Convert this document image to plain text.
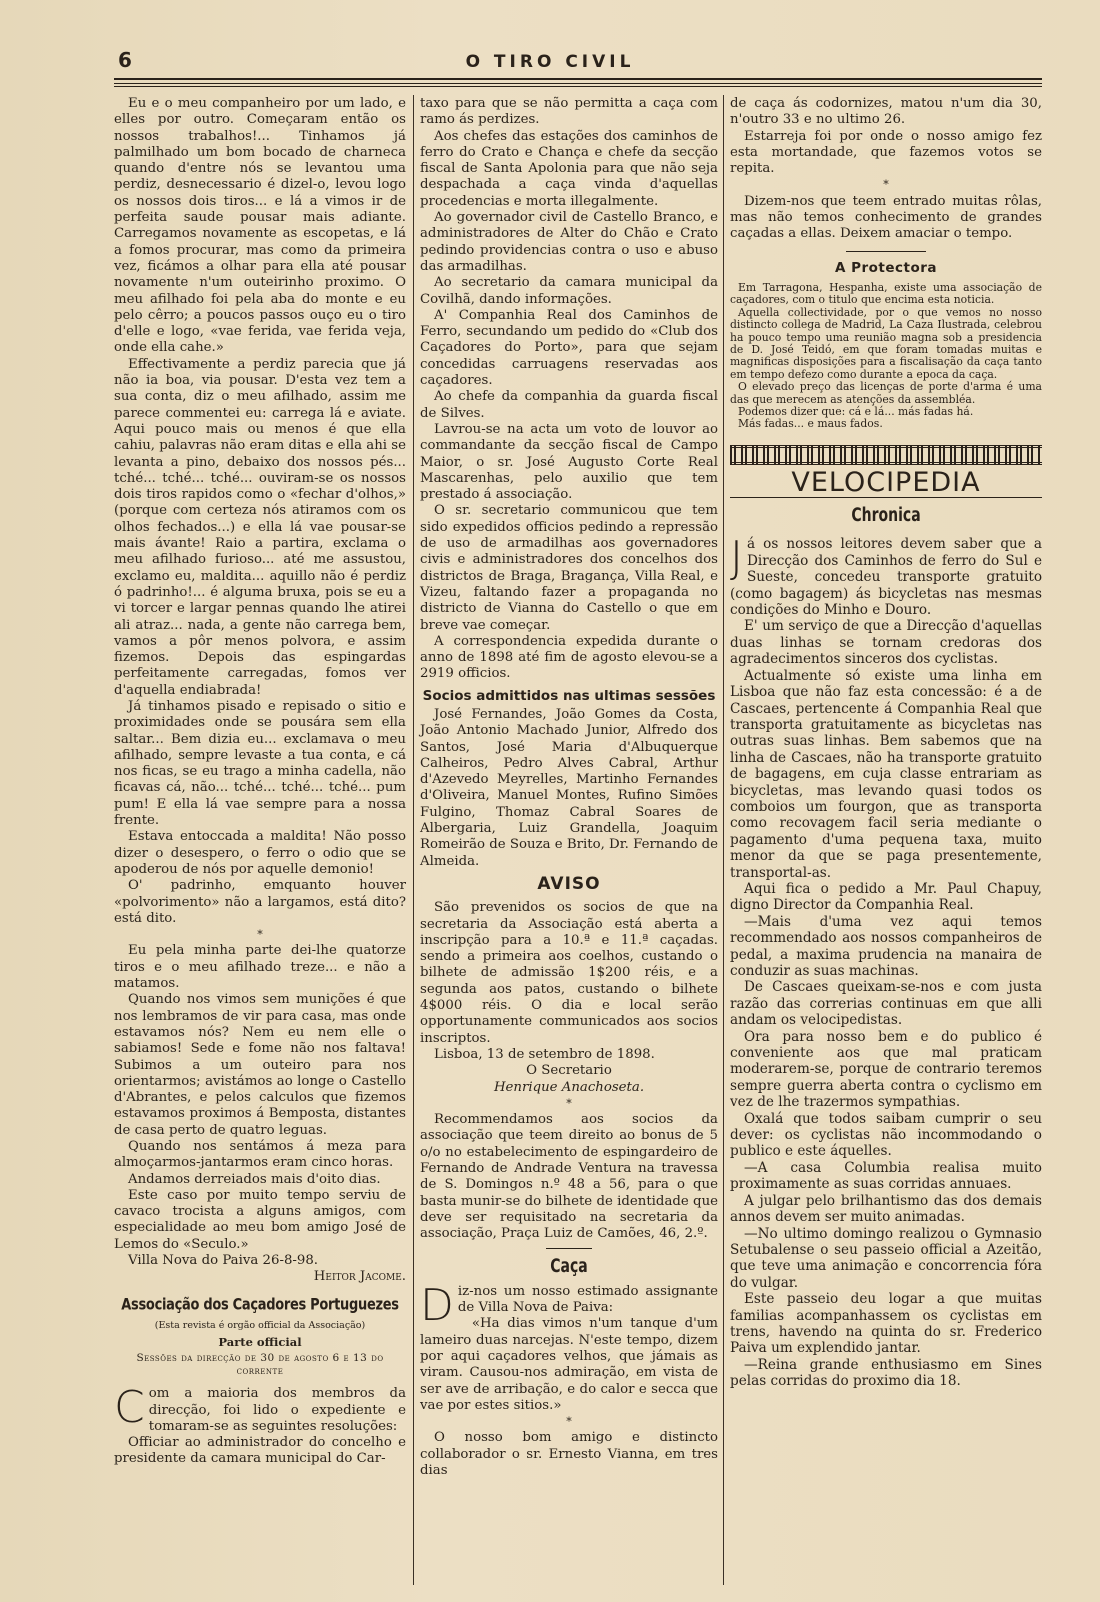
6	O TIRO CIVIL

Eu e o meu companheiro por um lado, e elles por outro. Começaram então os nossos trabalhos!... Tinhamos já palmilhado um bom bocado de charneca quando d'entre nós se levantou uma perdiz, desnecessario é dizel-o, levou logo os nossos dois tiros... e lá a vimos ir de perfeita saude pousar mais adiante. Carregamos novamente as escopetas, e lá a fomos procurar, mas como da primeira vez, ficámos a olhar para ella até pousar novamente n'um outeirinho proximo. O meu afilhado foi pela aba do monte e eu pelo cêrro; a poucos passos ouço eu o tiro d'elle e logo, «vae ferida, vae ferida veja, onde ella cahe.»

Effectivamente a perdiz parecia que já não ia boa, via pousar. D'esta vez tem a sua conta, diz o meu afilhado, assim me parece commentei eu: carrega lá e aviate. Aqui pouco mais ou menos é que ella cahiu, palavras não eram ditas e ella ahi se levanta a pino, debaixo dos nossos pés... tché... tché... tché... ouviram-se os nossos dois tiros rapidos como o «fechar d'olhos,» (porque com certeza nós atiramos com os olhos fechados...) e ella lá vae pousar-se mais ávante! Raio a partira, exclama o meu afilhado furioso... até me assustou, exclamo eu, maldita... aquillo não é perdiz ó padrinho!... é alguma bruxa, pois se eu a vi torcer e largar pennas quando lhe atirei ali atraz... nada, a gente não carrega bem, vamos a pôr menos polvora, e assim fizemos. Depois das espingardas perfeitamente carregadas, fomos ver d'aquella endiabrada!

Já tinhamos pisado e repisado o sitio e proximidades onde se pousára sem ella saltar... Bem dizia eu... exclamava o meu afilhado, sempre levaste a tua conta, e cá nos ficas, se eu trago a minha cadella, não ficavas cá, não... tché... tché... tché... pum pum! E ella lá vae sempre para a nossa frente.

Estava entoccada a maldita! Não posso dizer o desespero, o ferro o odio que se apoderou de nós por aquelle demonio!

O' padrinho, emquanto houver «polvorimento» não a largamos, está dito? está dito.

*

Eu pela minha parte dei-lhe quatorze tiros e o meu afilhado treze... e não a matamos.

Quando nos vimos sem munições é que nos lembramos de vir para casa, mas onde estavamos nós? Nem eu nem elle o sabiamos! Sede e fome não nos faltava! Subimos a um outeiro para nos orientarmos; avistámos ao longe o Castello d'Abrantes, e pelos calculos que fizemos estavamos proximos á Bemposta, distantes de casa perto de quatro leguas.

Quando nos sentámos á meza para almoçarmos-jantarmos eram cinco horas.

Andamos derreiados mais d'oito dias.

Este caso por muito tempo serviu de cavaco trocista a alguns amigos, com especialidade ao meu bom amigo José de Lemos do «Seculo.»

Villa Nova do Paiva 26-8-98.

Heitor Jacome.

Associação dos Caçadores Portuguezes
(Esta revista é orgão official da Associação)
Parte official
Sessões da direcção de 30 de agosto 6 e 13 do corrente

Com a maioria dos membros da direcção, foi lido o expediente e tomaram-se as seguintes resoluções:

Officiar ao administrador do concelho e presidente da camara municipal do Car-

taxo para que se não permitta a caça com ramo ás perdizes.

Aos chefes das estações dos caminhos de ferro do Crato e Chança e chefe da secção fiscal de Santa Apolonia para que não seja despachada a caça vinda d'aquellas procedencias e morta illegalmente.

Ao governador civil de Castello Branco, e administradores de Alter do Chão e Crato pedindo providencias contra o uso e abuso das armadilhas.

Ao secretario da camara municipal da Covilhã, dando informações.

A' Companhia Real dos Caminhos de Ferro, secundando um pedido do «Club dos Caçadores do Porto», para que sejam concedidas carruagens reservadas aos caçadores.

Ao chefe da companhia da guarda fiscal de Silves.

Lavrou-se na acta um voto de louvor ao commandante da secção fiscal de Campo Maior, o sr. José Augusto Corte Real Mascarenhas, pelo auxilio que tem prestado á associação.

O sr. secretario communicou que tem sido expedidos officios pedindo a repressão de uso de armadilhas aos governadores civis e administradores dos concelhos dos districtos de Braga, Bragança, Villa Real, e Vizeu, faltando fazer a propaganda no districto de Vianna do Castello o que em breve vae começar.

A correspondencia expedida durante o anno de 1898 até fim de agosto elevou-se a 2919 officios.

Socios admittidos nas ultimas sessões

José Fernandes, João Gomes da Costa, João Antonio Machado Junior, Alfredo dos Santos, José Maria d'Albuquerque Calheiros, Pedro Alves Cabral, Arthur d'Azevedo Meyrelles, Martinho Fernandes d'Oliveira, Manuel Montes, Rufino Simões Fulgino, Thomaz Cabral Soares de Albergaria, Luiz Grandella, Joaquim Romeirão de Souza e Brito, Dr. Fernando de Almeida.

AVISO

São prevenidos os socios de que na secretaria da Associação está aberta a inscripção para a 10.ª e 11.ª caçadas. sendo a primeira aos coelhos, custando o bilhete de admissão 1$200 réis, e a segunda aos patos, custando o bilhete 4$000 réis. O dia e local serão opportunamente communicados aos socios inscriptos.

Lisboa, 13 de setembro de 1898.

O Secretario

Henrique Anachoseta.

*

Recommendamos aos socios da associação que teem direito ao bonus de 5 o/o no estabelecimento de espingardeiro de Fernando de Andrade Ventura na travessa de S. Domingos n.º 48 a 56, para o que basta munir-se do bilhete de identidade que deve ser requisitado na secretaria da associação, Praça Luiz de Camões, 46, 2.º.

Caça

Diz-nos um nosso estimado assignante de Villa Nova de Paiva:

«Ha dias vimos n'um tanque d'um lameiro duas narcejas. N'este tempo, dizem por aqui caçadores velhos, que jámais as viram. Causou-nos admiração, em vista de ser ave de arribação, e do calor e secca que vae por estes sitios.»

*

O nosso bom amigo e distincto collaborador o sr. Ernesto Vianna, em tres dias

de caça ás codornizes, matou n'um dia 30, n'outro 33 e no ultimo 26.

Estarreja foi por onde o nosso amigo fez esta mortandade, que fazemos votos se repita.

*

Dizem-nos que teem entrado muitas rôlas, mas não temos conhecimento de grandes caçadas a ellas. Deixem amaciar o tempo.

A Protectora

Em Tarragona, Hespanha, existe uma associação de caçadores, com o titulo que encima esta noticia.

Aquella collectividade, por o que vemos no nosso distincto collega de Madrid, La Caza Ilustrada, celebrou ha pouco tempo uma reunião magna sob a presidencia de D. José Teidó, em que foram tomadas muitas e magnificas disposições para a fiscalisação da caça tanto em tempo defezo como durante a epoca da caça.

O elevado preço das licenças de porte d'arma é uma das que merecem as atenções da assembléa.

Podemos dizer que: cá e lá... más fadas há.

Más fadas... e maus fados.

VELOCIPEDIA
Chronica

Já os nossos leitores devem saber que a Direcção dos Caminhos de ferro do Sul e Sueste, concedeu transporte gratuito (como bagagem) ás bicycletas nas mesmas condições do Minho e Douro.

E' um serviço de que a Direcção d'aquellas duas linhas se tornam credoras dos agradecimentos sinceros dos cyclistas.

Actualmente só existe uma linha em Lisboa que não faz esta concessão: é a de Cascaes, pertencente á Companhia Real que transporta gratuitamente as bicycletas nas outras suas linhas. Bem sabemos que na linha de Cascaes, não ha transporte gratuito de bagagens, em cuja classe entrariam as bicycletas, mas levando quasi todos os comboios um fourgon, que as transporta como recovagem facil seria mediante o pagamento d'uma pequena taxa, muito menor da que se paga presentemente, transportal-as.

Aqui fica o pedido a Mr. Paul Chapuy, digno Director da Companhia Real.

—Mais d'uma vez aqui temos recommendado aos nossos companheiros de pedal, a maxima prudencia na manaira de conduzir as suas machinas.

De Cascaes queixam-se-nos e com justa razão das correrias continuas em que alli andam os velocipedistas.

Ora para nosso bem e do publico é conveniente aos que mal praticam moderarem-se, porque de contrario teremos sempre guerra aberta contra o cyclismo em vez de lhe trazermos sympathias.

Oxalá que todos saibam cumprir o seu dever: os cyclistas não incommodando o publico e este áquelles.

—A casa Columbia realisa muito proximamente as suas corridas annuaes.

A julgar pelo brilhantismo das dos demais annos devem ser muito animadas.

—No ultimo domingo realizou o Gymnasio Setubalense o seu passeio official a Azeitão, que teve uma animação e concorrencia fóra do vulgar.

Este passeio deu logar a que muitas familias acompanhassem os cyclistas em trens, havendo na quinta do sr. Frederico Paiva um explendido jantar.

—Reina grande enthusiasmo em Sines pelas corridas do proximo dia 18.
